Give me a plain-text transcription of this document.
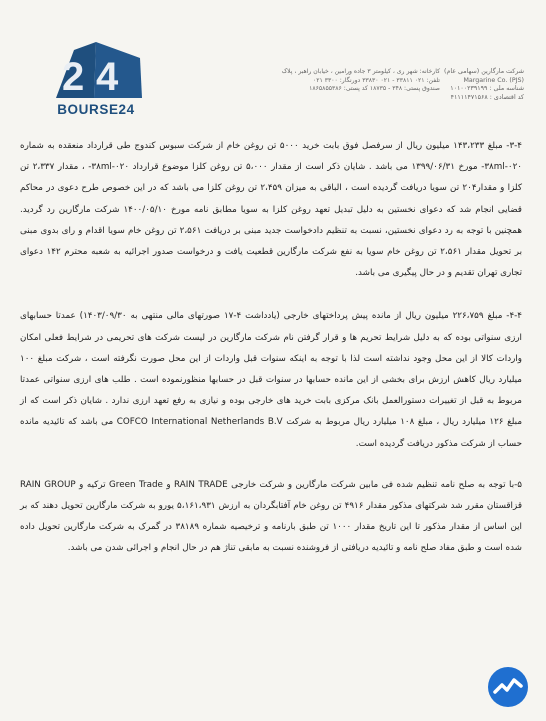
کارخانه: شهر ری ، کیلومتر ۳ جاده ورامین ، خیابان راهبر ، پلاک
تلفن: ۰۲۱ ۳۳۸۱۱ - ۰۲۱ ۳۳۸۳۰ دورنگار: ۳۳۰۰ ۰۲۱
صندوق پستی: ۳۴۸ - ۱۸۷۳۵ کد پستی: ۱۸۶۵۸۵۵۳۸۶
شرکت مارگارین (سهامی عام)
Margarine Co. (PJS)
شناسه ملی : ۱۰۱۰۰۲۳۹۱۹۹
کد اقتصادی : ۴۱۱۱۱۴۷۱۵۶۸
2 4
BOURSE24

۳-۴- مبلغ ۱۴۳،۲۳۳ میلیون ریال از سرفصل فوق بابت خرید ۵۰۰۰ تن روغن خام از شرکت سبوس کندوج طی قرارداد منعقده به شماره ۰۲۰-۳۸ml- مورخ ۱۳۹۹/۰۶/۳۱ می باشد . شایان ذکر است از مقدار ۵،۰۰۰ تن روغن کلزا موضوع قرارداد ۰۲۰-۳۸ml- ، مقدار ۲،۳۳۷ تن کلزا و مقدار۲۰۴ تن سویا دریافت گردیده است ، الباقی به میزان ۲،۴۵۹ تن روغن کلزا می باشد که در این خصوص طرح دعوی در محاکم قضایی انجام شد که دعوای نخستین به دلیل تبدیل تعهد روغن کلزا به سویا مطابق نامه مورخ ۱۴۰۰/۰۵/۱۰ شرکت مارگارین رد گردید. همچنین با توجه به رد دعوای نخستین، نسبت به تنظیم دادخواست جدید مبنی بر دریافت ۲،۵۶۱ تن روغن خام سویا اقدام و رای بدوی مبنی بر تحویل مقدار ۲،۵۶۱ تن روغن خام سویا به نفع شرکت مارگارین قطعیت یافت و درخواست صدور اجرائیه به شعبه محترم ۱۴۲ دعوای تجاری تهران تقدیم و در حال پیگیری می باشد.

۴-۴- مبلغ ۲۲۶،۷۵۹ میلیون ریال از مانده پیش پرداختهای خارجی (یادداشت ۴-۱۷ صورتهای مالی منتهی به ۱۴۰۳/۰۹/۳۰) عمدتا حسابهای ارزی سنواتی بوده که به دلیل شرایط تحریم ها و قرار گرفتن نام شرکت مارگارین در لیست شرکت های تحریمی در شرایط فعلی امکان واردات کالا از این محل وجود نداشته است لذا با توجه به اینکه سنوات قبل واردات از این محل صورت نگرفته است ، شرکت مبلغ ۱۰۰ میلیارد ریال کاهش ارزش برای بخشی از این مانده حسابها در سنوات قبل در حسابها منظورنموده است . طلب های ارزی سنواتی عمدتا مربوط به قبل از تغییرات دستورالعمل بانک مرکزی بابت خرید های خارجی بوده و نیازی به رفع تعهد ارزی ندارد . شایان ذکر است که از مبلغ ۱۲۶ میلیارد ریال ، مبلغ ۱۰۸ میلیارد ریال مربوط به شرکت COFCO International Netherlands B.V می باشد که تائیدیه مانده حساب از شرکت مذکور دریافت گردیده است.

۵-با توجه به صلح نامه تنظیم شده فی مابین شرکت مارگارین و شرکت خارجی RAIN TRADE و Green Trade ترکیه و RAIN GROUP قزاقستان مقرر شد شرکتهای مذکور مقدار ۴۹۱۶ تن روغن خام آفتابگردان به ارزش ۵،۱۶۱،۹۳۱ یورو به شرکت مارگارین تحویل دهند که بر این اساس از مقدار مذکور تا این تاریخ مقدار ۱۰۰۰ تن طبق بارنامه و ترخیصیه شماره ۳۸۱۸۹ در گمرک به شرکت مارگارین تحویل داده شده است و طبق مفاد صلح نامه و تائیدیه دریافتی از فروشنده نسبت به مابقی تناژ هم در حال انجام و اجرائی شدن می باشد.
